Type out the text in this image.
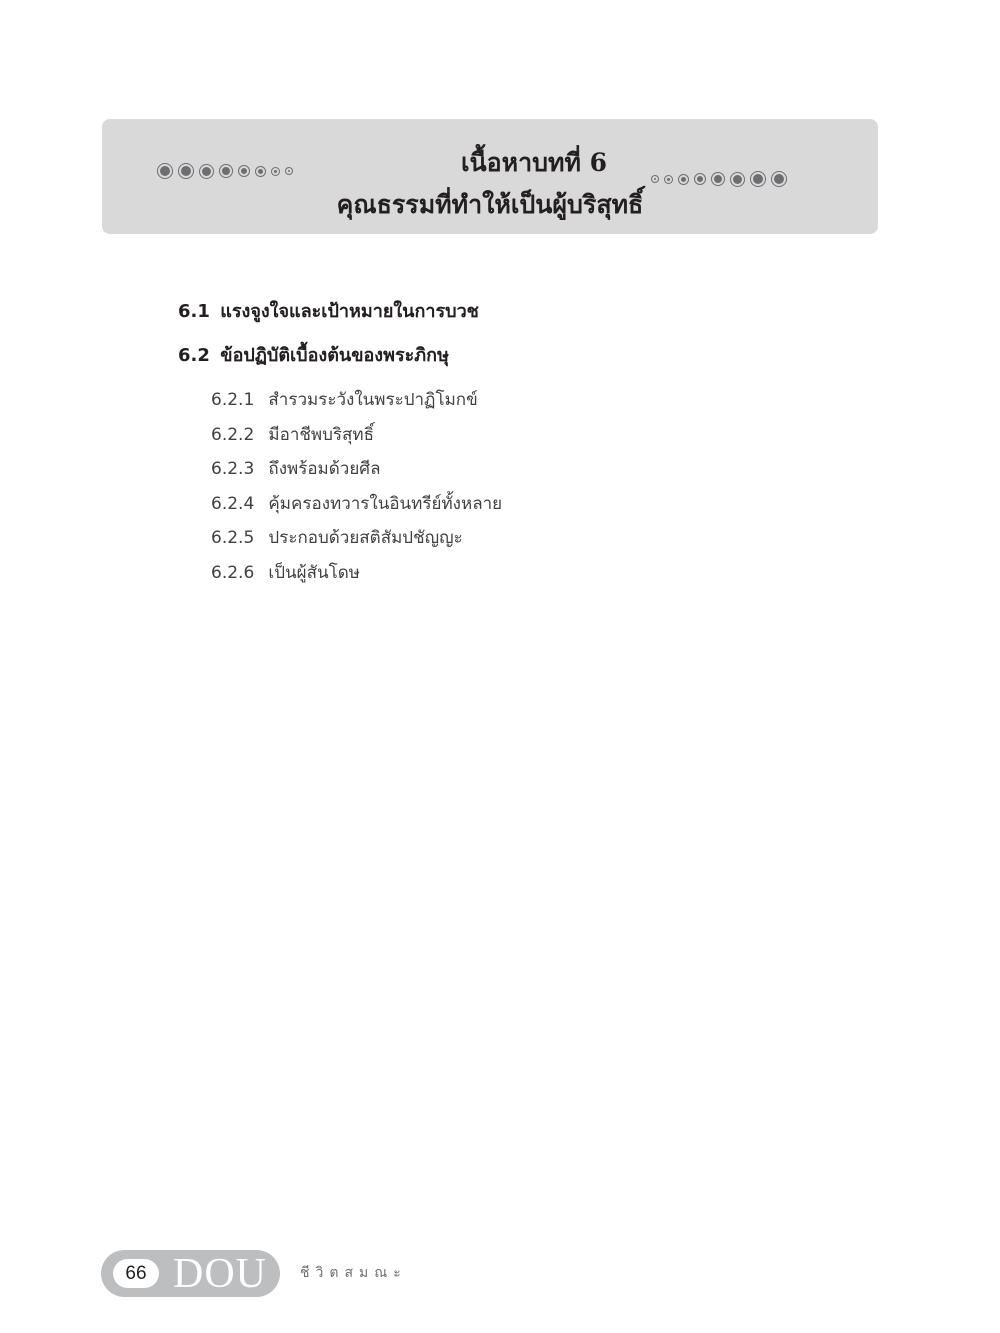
เนื้อหาบทที่ 6
คุณธรรมที่ทำให้เป็นผู้บริสุทธิ์
6.1 แรงจูงใจและเป้าหมายในการบวช
6.2 ข้อปฏิบัติเบื้องต้นของพระภิกษุ
6.2.1 สำรวมระวังในพระปาฏิโมกข์
6.2.2 มีอาชีพบริสุทธิ์
6.2.3 ถึงพร้อมด้วยศีล
6.2.4 คุ้มครองทวารในอินทรีย์ทั้งหลาย
6.2.5 ประกอบด้วยสติสัมปชัญญะ
6.2.6 เป็นผู้สันโดษ
66 DOU ชีวิตสมณะ
